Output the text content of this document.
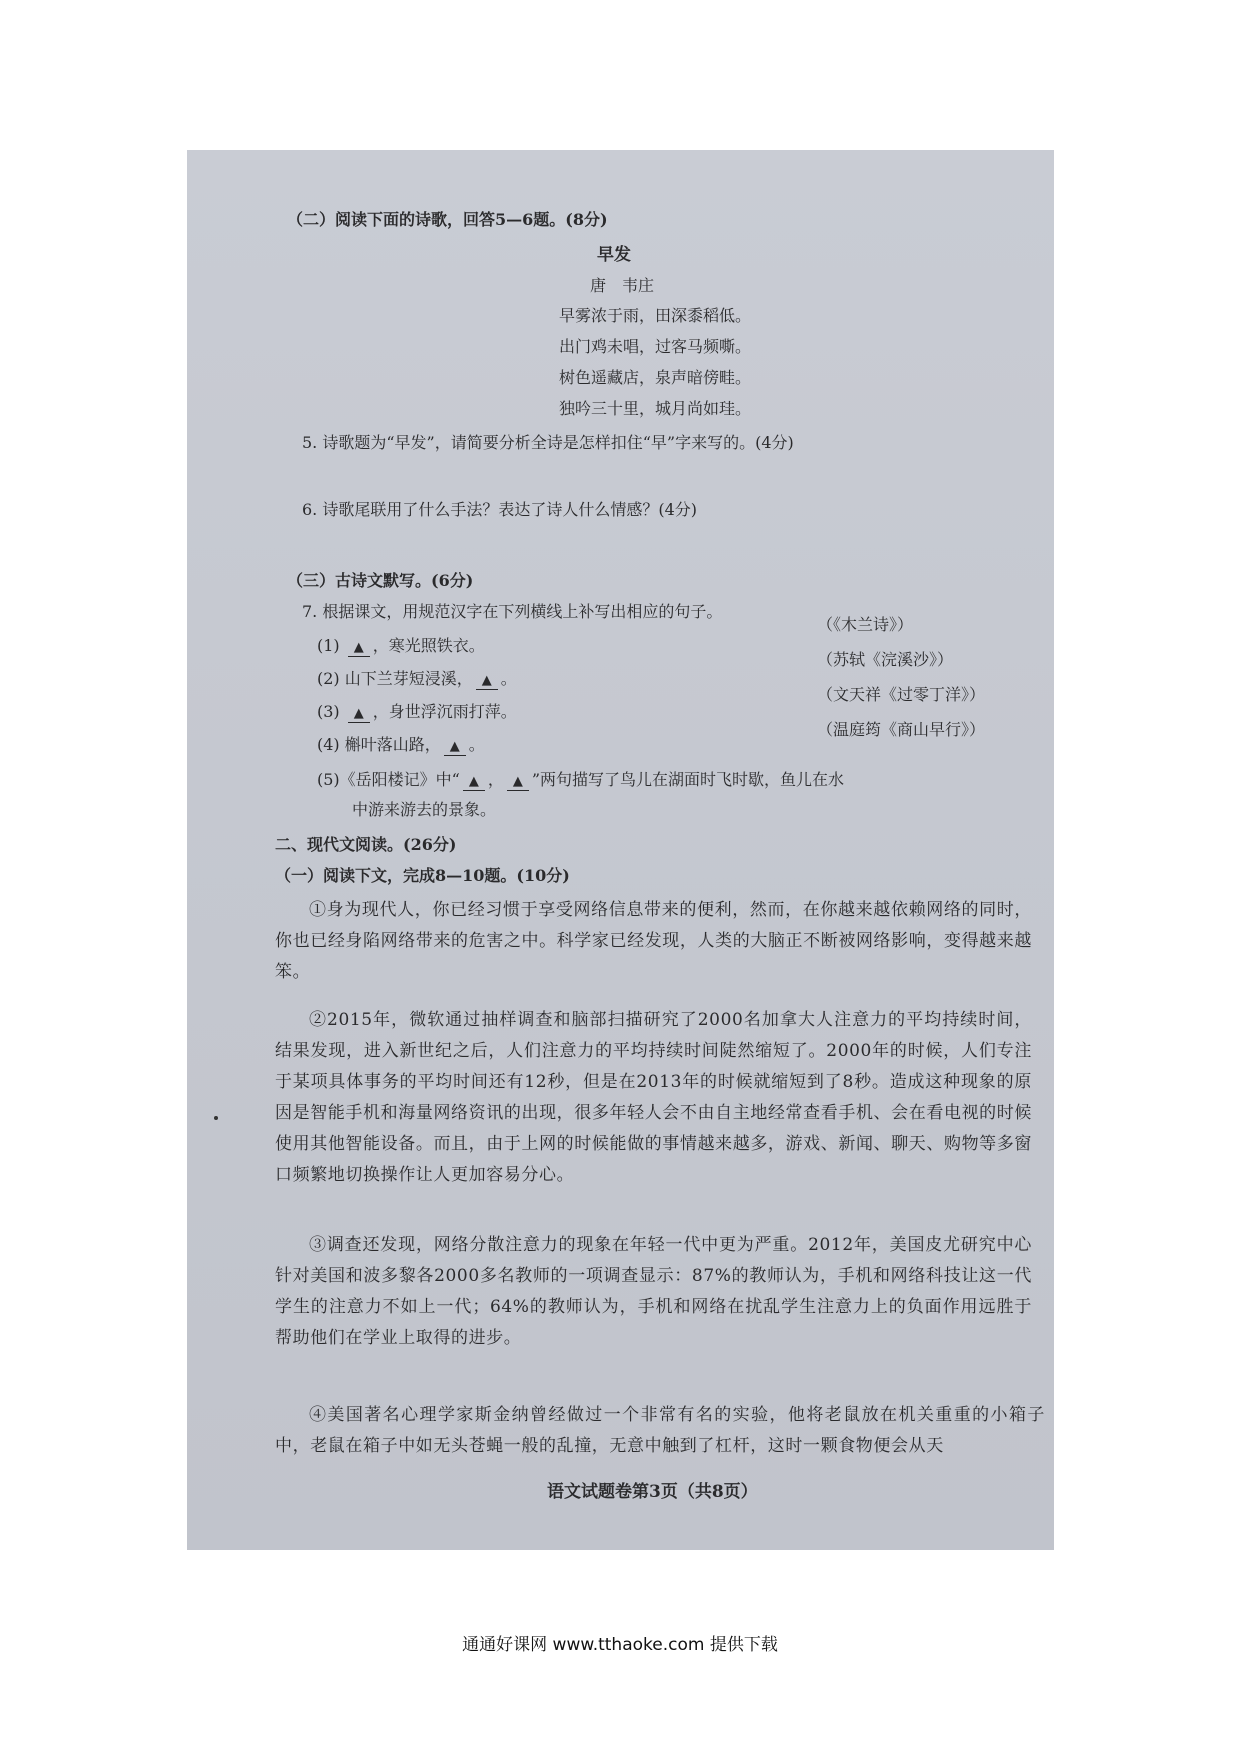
（二）阅读下面的诗歌，回答5—6题。(8分)
早发
唐　韦庄
早雾浓于雨，田深黍稻低。
出门鸡未唱，过客马频嘶。
树色遥藏店，泉声暗傍畦。
独吟三十里，城月尚如珪。
5. 诗歌题为“早发”，请简要分析全诗是怎样扣住“早”字来写的。(4分)
6. 诗歌尾联用了什么手法？表达了诗人什么情感？(4分)
（三）古诗文默写。(6分)
7. 根据课文，用规范汉字在下列横线上补写出相应的句子。
(1) ▲ ，寒光照铁衣。
(2) 山下兰芽短浸溪， ▲ 。
(3) ▲ ，身世浮沉雨打萍。
(4) 槲叶落山路， ▲ 。
（《木兰诗》）
（苏轼《浣溪沙》）
（文天祥《过零丁洋》）
（温庭筠《商山早行》）
(5)《岳阳楼记》中“ ▲ ， ▲ ”两句描写了鸟儿在湖面时飞时歇，鱼儿在水
中游来游去的景象。
二、现代文阅读。(26分)
（一）阅读下文，完成8—10题。(10分)
①身为现代人，你已经习惯于享受网络信息带来的便利，然而，在你越来越依赖网络的同时，你也已经身陷网络带来的危害之中。科学家已经发现，人类的大脑正不断被网络影响，变得越来越笨。
②2015年，微软通过抽样调查和脑部扫描研究了2000名加拿大人注意力的平均持续时间，结果发现，进入新世纪之后，人们注意力的平均持续时间陡然缩短了。2000年的时候，人们专注于某项具体事务的平均时间还有12秒，但是在2013年的时候就缩短到了8秒。造成这种现象的原因是智能手机和海量网络资讯的出现，很多年轻人会不由自主地经常查看手机、会在看电视的时候使用其他智能设备。而且，由于上网的时候能做的事情越来越多，游戏、新闻、聊天、购物等多窗口频繁地切换操作让人更加容易分心。
③调查还发现，网络分散注意力的现象在年轻一代中更为严重。2012年，美国皮尤研究中心针对美国和波多黎各2000多名教师的一项调查显示：87%的教师认为，手机和网络科技让这一代学生的注意力不如上一代；64%的教师认为，手机和网络在扰乱学生注意力上的负面作用远胜于帮助他们在学业上取得的进步。
④美国著名心理学家斯金纳曾经做过一个非常有名的实验，他将老鼠放在机关重重的小箱子中，老鼠在箱子中如无头苍蝇一般的乱撞，无意中触到了杠杆，这时一颗食物便会从天
语文试题卷第3页（共8页）
通通好课网 www.tthaoke.com 提供下载
